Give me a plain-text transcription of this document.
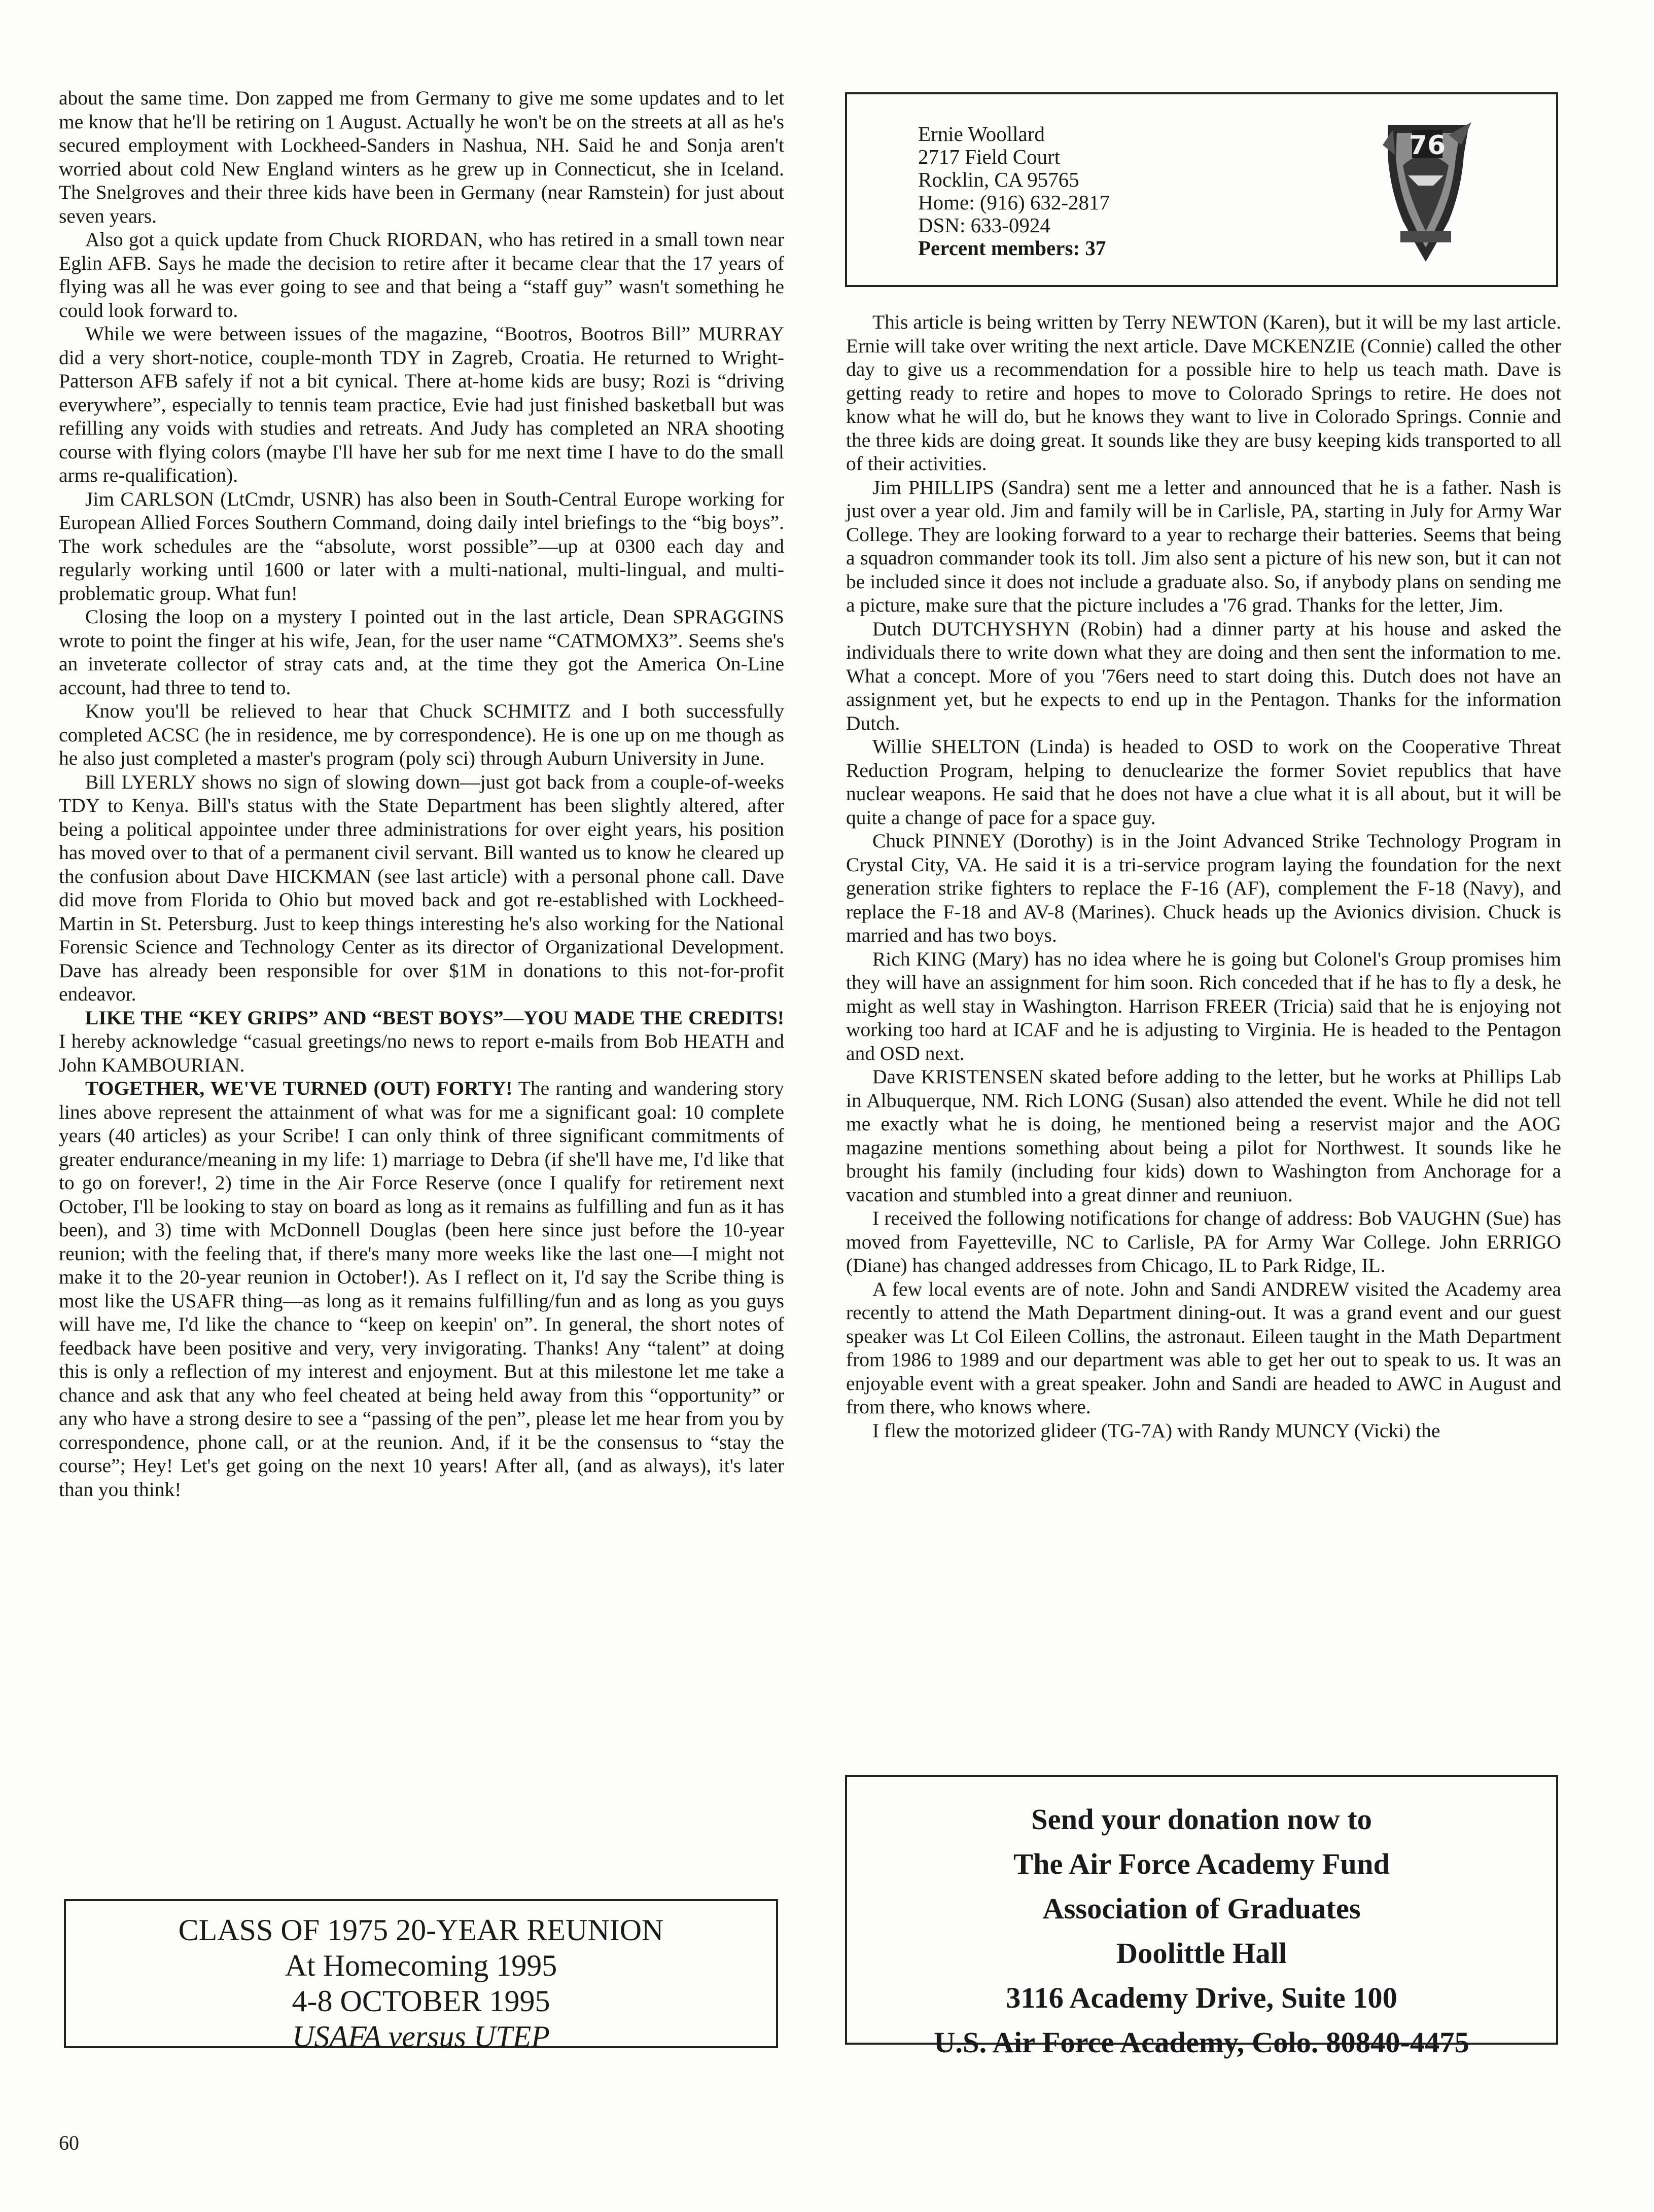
about the same time. Don zapped me from Germany to give me some updates and to let me know that he'll be retiring on 1 August. Actually he won't be on the streets at all as he's secured employment with Lockheed-Sanders in Nashua, NH. Said he and Sonja aren't worried about cold New England winters as he grew up in Connecticut, she in Iceland. The Snelgroves and their three kids have been in Germany (near Ramstein) for just about seven years.

Also got a quick update from Chuck RIORDAN, who has retired in a small town near Eglin AFB. Says he made the decision to retire after it became clear that the 17 years of flying was all he was ever going to see and that being a “staff guy” wasn't something he could look forward to.

While we were between issues of the magazine, “Bootros, Bootros Bill” MURRAY did a very short-notice, couple-month TDY in Zagreb, Croatia. He returned to Wright-Patterson AFB safely if not a bit cynical. There at-home kids are busy; Rozi is “driving everywhere”, especially to tennis team practice, Evie had just finished basketball but was refilling any voids with studies and retreats. And Judy has completed an NRA shooting course with flying colors (maybe I'll have her sub for me next time I have to do the small arms re-qualification).

Jim CARLSON (LtCmdr, USNR) has also been in South-Central Europe working for European Allied Forces Southern Command, doing daily intel briefings to the “big boys”. The work schedules are the “absolute, worst possible”—up at 0300 each day and regularly working until 1600 or later with a multi-national, multi-lingual, and multi-problematic group. What fun!

Closing the loop on a mystery I pointed out in the last article, Dean SPRAGGINS wrote to point the finger at his wife, Jean, for the user name “CATMOMX3”. Seems she's an inveterate collector of stray cats and, at the time they got the America On-Line account, had three to tend to.

Know you'll be relieved to hear that Chuck SCHMITZ and I both successfully completed ACSC (he in residence, me by correspondence). He is one up on me though as he also just completed a master's program (poly sci) through Auburn University in June.

Bill LYERLY shows no sign of slowing down—just got back from a couple-of-weeks TDY to Kenya. Bill's status with the State Department has been slightly altered, after being a political appointee under three administrations for over eight years, his position has moved over to that of a permanent civil servant. Bill wanted us to know he cleared up the confusion about Dave HICKMAN (see last article) with a personal phone call. Dave did move from Florida to Ohio but moved back and got re-established with Lockheed-Martin in St. Petersburg. Just to keep things interesting he's also working for the National Forensic Science and Technology Center as its director of Organizational Development. Dave has already been responsible for over $1M in donations to this not-for-profit endeavor.

LIKE THE “KEY GRIPS” AND “BEST BOYS”—YOU MADE THE CREDITS! I hereby acknowledge “casual greetings/no news to report e-mails from Bob HEATH and John KAMBOURIAN.

TOGETHER, WE'VE TURNED (OUT) FORTY! The ranting and wandering story lines above represent the attainment of what was for me a significant goal: 10 complete years (40 articles) as your Scribe! I can only think of three significant commitments of greater endurance/meaning in my life: 1) marriage to Debra (if she'll have me, I'd like that to go on forever!, 2) time in the Air Force Reserve (once I qualify for retirement next October, I'll be looking to stay on board as long as it remains as fulfilling and fun as it has been), and 3) time with McDonnell Douglas (been here since just before the 10-year reunion; with the feeling that, if there's many more weeks like the last one—I might not make it to the 20-year reunion in October!). As I reflect on it, I'd say the Scribe thing is most like the USAFR thing—as long as it remains fulfilling/fun and as long as you guys will have me, I'd like the chance to “keep on keepin' on”. In general, the short notes of feedback have been positive and very, very invigorating. Thanks! Any “talent” at doing this is only a reflection of my interest and enjoyment. But at this milestone let me take a chance and ask that any who feel cheated at being held away from this “opportunity” or any who have a strong desire to see a “passing of the pen”, please let me hear from you by correspondence, phone call, or at the reunion. And, if it be the consensus to “stay the course”; Hey! Let's get going on the next 10 years! After all, (and as always), it's later than you think!

CLASS OF 1975 20-YEAR REUNION
At Homecoming 1995
4-8 OCTOBER 1995
USAFA versus UTEP
Ernie Woollard
2717 Field Court
Rocklin, CA 95765
Home: (916) 632-2817
DSN: 633-0924
Percent members: 37
76

This article is being written by Terry NEWTON (Karen), but it will be my last article. Ernie will take over writing the next article. Dave MCKENZIE (Connie) called the other day to give us a recommendation for a possible hire to help us teach math. Dave is getting ready to retire and hopes to move to Colorado Springs to retire. He does not know what he will do, but he knows they want to live in Colorado Springs. Connie and the three kids are doing great. It sounds like they are busy keeping kids transported to all of their activities.

Jim PHILLIPS (Sandra) sent me a letter and announced that he is a father. Nash is just over a year old. Jim and family will be in Carlisle, PA, starting in July for Army War College. They are looking forward to a year to recharge their batteries. Seems that being a squadron commander took its toll. Jim also sent a picture of his new son, but it can not be included since it does not include a graduate also. So, if anybody plans on sending me a picture, make sure that the picture includes a '76 grad. Thanks for the letter, Jim.

Dutch DUTCHYSHYN (Robin) had a dinner party at his house and asked the individuals there to write down what they are doing and then sent the information to me. What a concept. More of you '76ers need to start doing this. Dutch does not have an assignment yet, but he expects to end up in the Pentagon. Thanks for the information Dutch.

Willie SHELTON (Linda) is headed to OSD to work on the Cooperative Threat Reduction Program, helping to denuclearize the former Soviet republics that have nuclear weapons. He said that he does not have a clue what it is all about, but it will be quite a change of pace for a space guy.

Chuck PINNEY (Dorothy) is in the Joint Advanced Strike Technology Program in Crystal City, VA. He said it is a tri-service program laying the foundation for the next generation strike fighters to replace the F-16 (AF), complement the F-18 (Navy), and replace the F-18 and AV-8 (Marines). Chuck heads up the Avionics division. Chuck is married and has two boys.

Rich KING (Mary) has no idea where he is going but Colonel's Group promises him they will have an assignment for him soon. Rich conceded that if he has to fly a desk, he might as well stay in Washington. Harrison FREER (Tricia) said that he is enjoying not working too hard at ICAF and he is adjusting to Virginia. He is headed to the Pentagon and OSD next.

Dave KRISTENSEN skated before adding to the letter, but he works at Phillips Lab in Albuquerque, NM. Rich LONG (Susan) also attended the event. While he did not tell me exactly what he is doing, he mentioned being a reservist major and the AOG magazine mentions something about being a pilot for Northwest. It sounds like he brought his family (including four kids) down to Washington from Anchorage for a vacation and stumbled into a great dinner and reuniuon.

I received the following notifications for change of address: Bob VAUGHN (Sue) has moved from Fayetteville, NC to Carlisle, PA for Army War College. John ERRIGO (Diane) has changed addresses from Chicago, IL to Park Ridge, IL.

A few local events are of note. John and Sandi ANDREW visited the Academy area recently to attend the Math Department dining-out. It was a grand event and our guest speaker was Lt Col Eileen Collins, the astronaut. Eileen taught in the Math Department from 1986 to 1989 and our department was able to get her out to speak to us. It was an enjoyable event with a great speaker. John and Sandi are headed to AWC in August and from there, who knows where.

I flew the motorized glideer (TG-7A) with Randy MUNCY (Vicki) the

Send your donation now to
The Air Force Academy Fund
Association of Graduates
Doolittle Hall
3116 Academy Drive, Suite 100
U.S. Air Force Academy, Colo. 80840-4475
60
